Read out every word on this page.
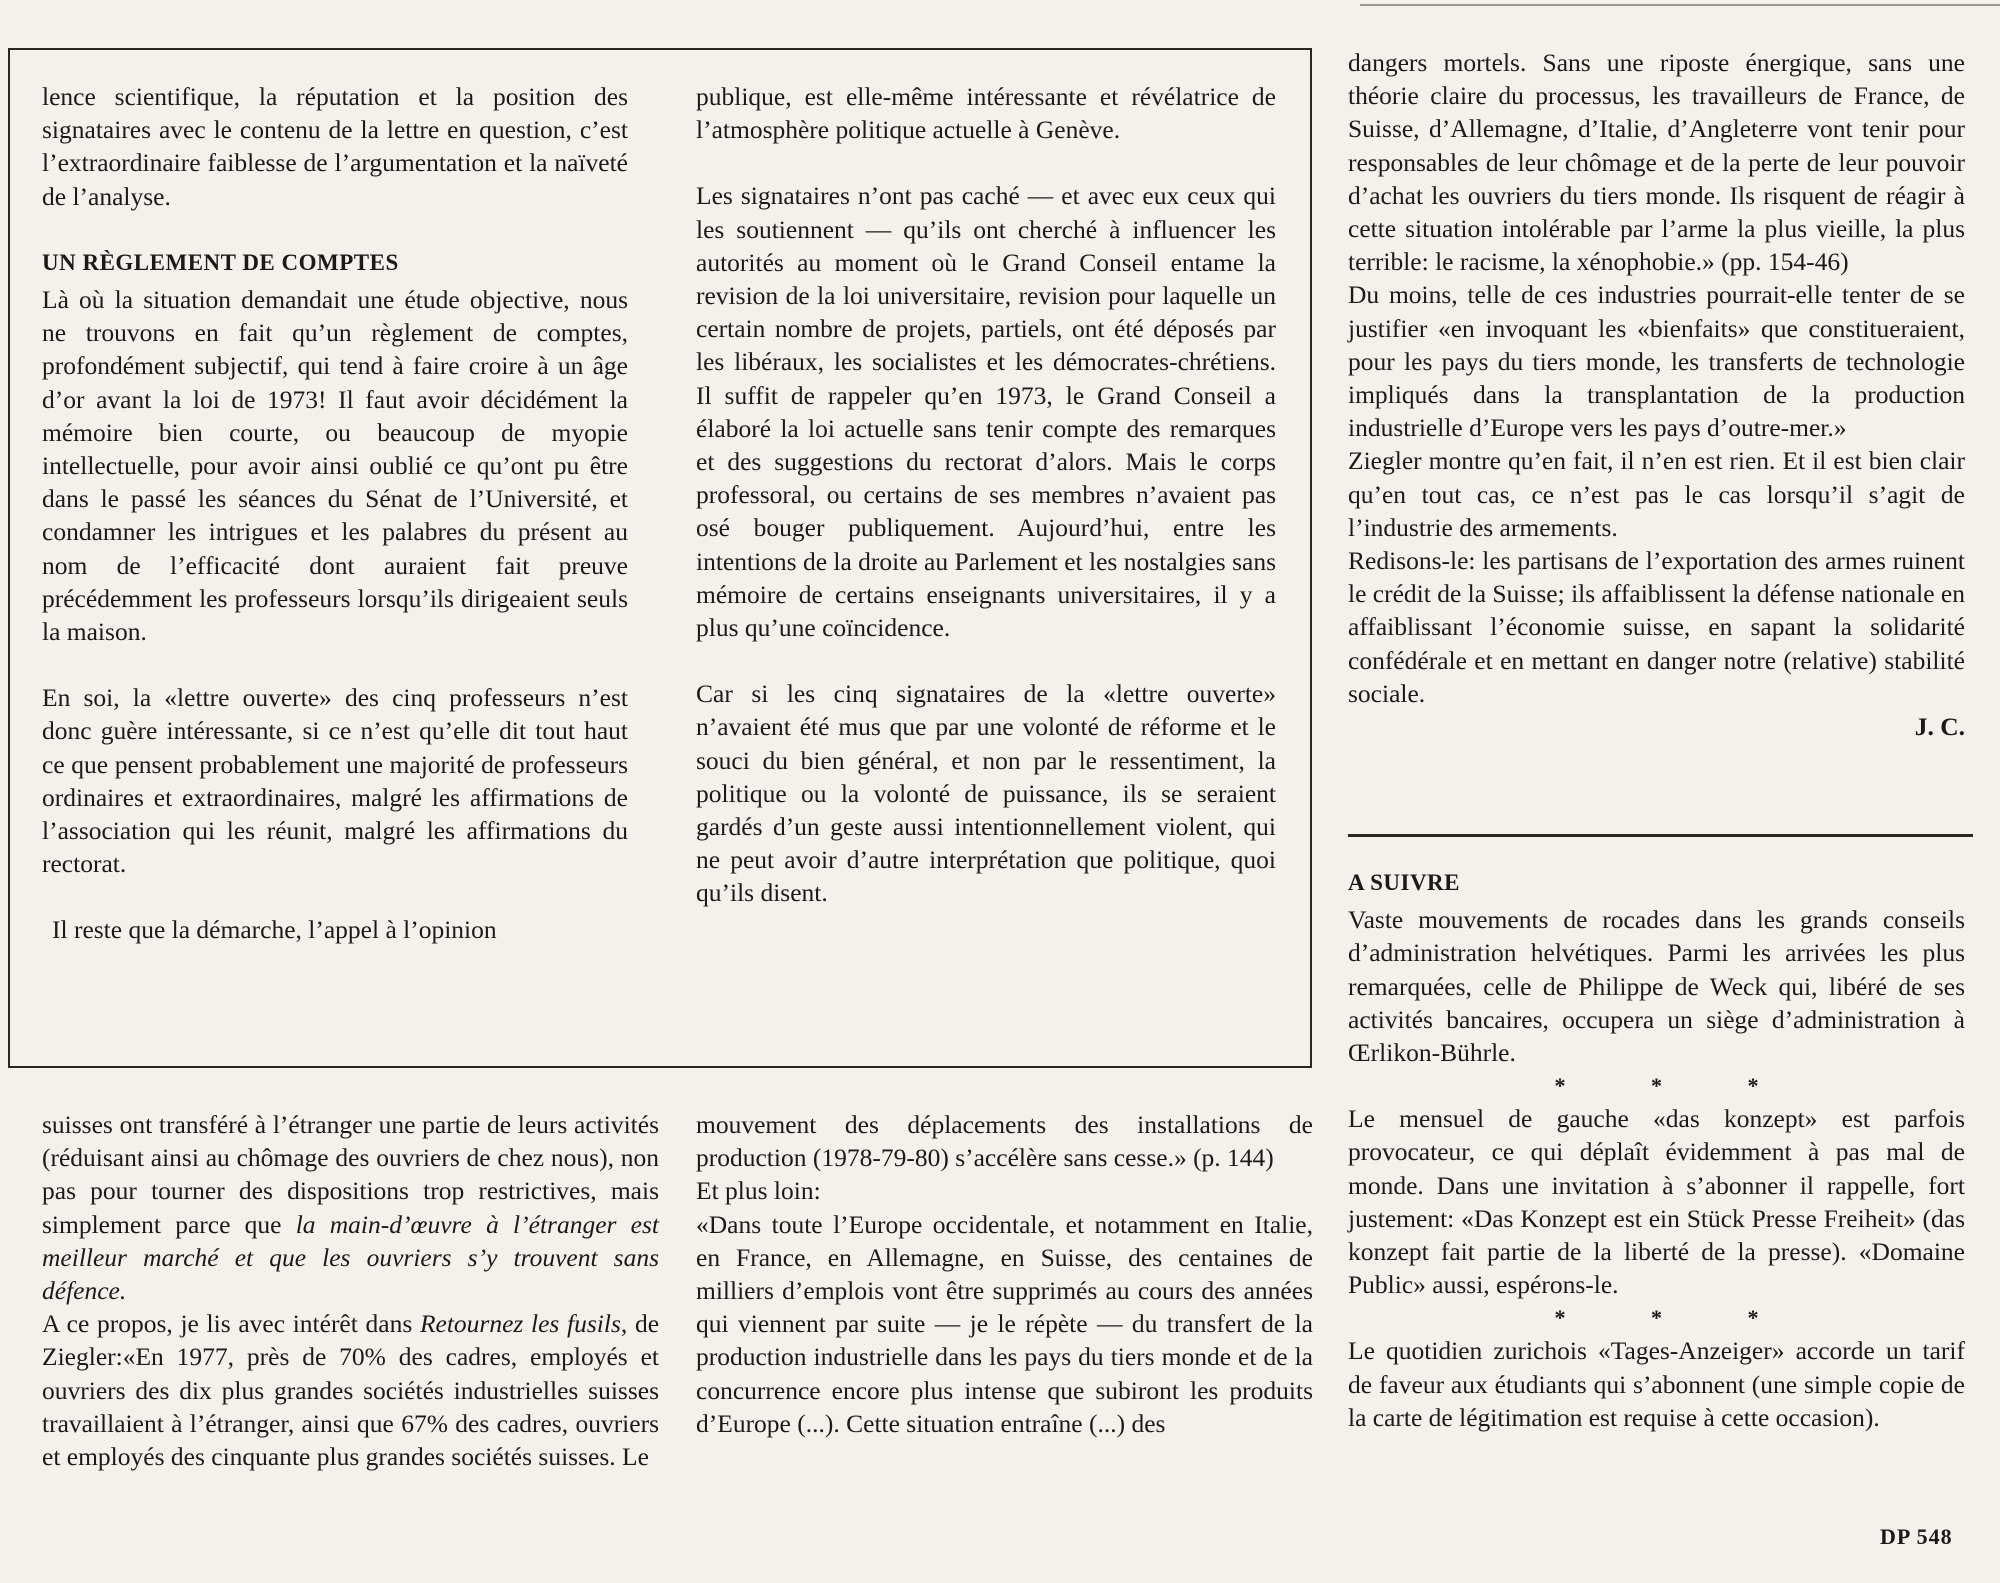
lence scientifique, la réputation et la position des signataires avec le contenu de la lettre en question, c’est l’extraordinaire faiblesse de l’argumentation et la naïveté de l’analyse.

UN RÈGLEMENT DE COMPTES

Là où la situation demandait une étude objective, nous ne trouvons en fait qu’un règlement de comptes, profondément subjectif, qui tend à faire croire à un âge d’or avant la loi de 1973! Il faut avoir décidément la mémoire bien courte, ou beaucoup de myopie intellectuelle, pour avoir ainsi oublié ce qu’ont pu être dans le passé les séances du Sénat de l’Université, et condamner les intrigues et les palabres du présent au nom de l’efficacité dont auraient fait preuve précédemment les professeurs lorsqu’ils dirigeaient seuls la maison.

En soi, la «lettre ouverte» des cinq professeurs n’est donc guère intéressante, si ce n’est qu’elle dit tout haut ce que pensent probablement une majorité de professeurs ordinaires et extraordinaires, malgré les affirmations de l’association qui les réunit, malgré les affirmations du rectorat.

Il reste que la démarche, l’appel à l’opinion

publique, est elle-même intéressante et révélatrice de l’atmosphère politique actuelle à Genève.

Les signataires n’ont pas caché — et avec eux ceux qui les soutiennent — qu’ils ont cherché à influencer les autorités au moment où le Grand Conseil entame la revision de la loi universitaire, revision pour laquelle un certain nombre de projets, partiels, ont été déposés par les libéraux, les socialistes et les démocrates-chrétiens. Il suffit de rappeler qu’en 1973, le Grand Conseil a élaboré la loi actuelle sans tenir compte des remarques et des suggestions du rectorat d’alors. Mais le corps professoral, ou certains de ses membres n’avaient pas osé bouger publiquement. Aujourd’hui, entre les intentions de la droite au Parlement et les nostalgies sans mémoire de certains enseignants universitaires, il y a plus qu’une coïncidence.

Car si les cinq signataires de la «lettre ouverte» n’avaient été mus que par une volonté de réforme et le souci du bien général, et non par le ressentiment, la politique ou la volonté de puissance, ils se seraient gardés d’un geste aussi intentionnellement violent, qui ne peut avoir d’autre interprétation que politique, quoi qu’ils disent.

dangers mortels. Sans une riposte énergique, sans une théorie claire du processus, les travailleurs de France, de Suisse, d’Allemagne, d’Italie, d’Angleterre vont tenir pour responsables de leur chômage et de la perte de leur pouvoir d’achat les ouvriers du tiers monde. Ils risquent de réagir à cette situation intolérable par l’arme la plus vieille, la plus terrible: le racisme, la xénophobie.» (pp. 154-46)

Du moins, telle de ces industries pourrait-elle tenter de se justifier «en invoquant les «bienfaits» que constitueraient, pour les pays du tiers monde, les transferts de technologie impliqués dans la transplantation de la production industrielle d’Europe vers les pays d’outre-mer.»

Ziegler montre qu’en fait, il n’en est rien. Et il est bien clair qu’en tout cas, ce n’est pas le cas lorsqu’il s’agit de l’industrie des armements.

Redisons-le: les partisans de l’exportation des armes ruinent le crédit de la Suisse; ils affaiblissent la défense nationale en affaiblissant l’économie suisse, en sapant la solidarité confédérale et en mettant en danger notre (relative) stabilité sociale.

J. C.
A SUIVRE

Vaste mouvements de rocades dans les grands conseils d’administration helvétiques. Parmi les arrivées les plus remarquées, celle de Philippe de Weck qui, libéré de ses activités bancaires, occupera un siège d’administration à Œrlikon-Bührle.

* * *

Le mensuel de gauche «das konzept» est parfois provocateur, ce qui déplaît évidemment à pas mal de monde. Dans une invitation à s’abonner il rappelle, fort justement: «Das Konzept est ein Stück Presse Freiheit» (das konzept fait partie de la liberté de la presse). «Domaine Public» aussi, espérons-le.

* * *

Le quotidien zurichois «Tages-Anzeiger» accorde un tarif de faveur aux étudiants qui s’abonnent (une simple copie de la carte de légitimation est requise à cette occasion).

suisses ont transféré à l’étranger une partie de leurs activités (réduisant ainsi au chômage des ouvriers de chez nous), non pas pour tourner des dispositions trop restrictives, mais simplement parce que la main-d’œuvre à l’étranger est meilleur marché et que les ouvriers s’y trouvent sans défence.

A ce propos, je lis avec intérêt dans Retournez les fusils, de Ziegler:«En 1977, près de 70% des cadres, employés et ouvriers des dix plus grandes sociétés industrielles suisses travaillaient à l’étranger, ainsi que 67% des cadres, ouvriers et employés des cinquante plus grandes sociétés suisses. Le

mouvement des déplacements des installations de production (1978-79-80) s’accélère sans cesse.» (p. 144)

Et plus loin:

«Dans toute l’Europe occidentale, et notamment en Italie, en France, en Allemagne, en Suisse, des centaines de milliers d’emplois vont être supprimés au cours des années qui viennent par suite — je le répète — du transfert de la production industrielle dans les pays du tiers monde et de la concurrence encore plus intense que subiront les produits d’Europe (...). Cette situation entraîne (...) des

DP 548
